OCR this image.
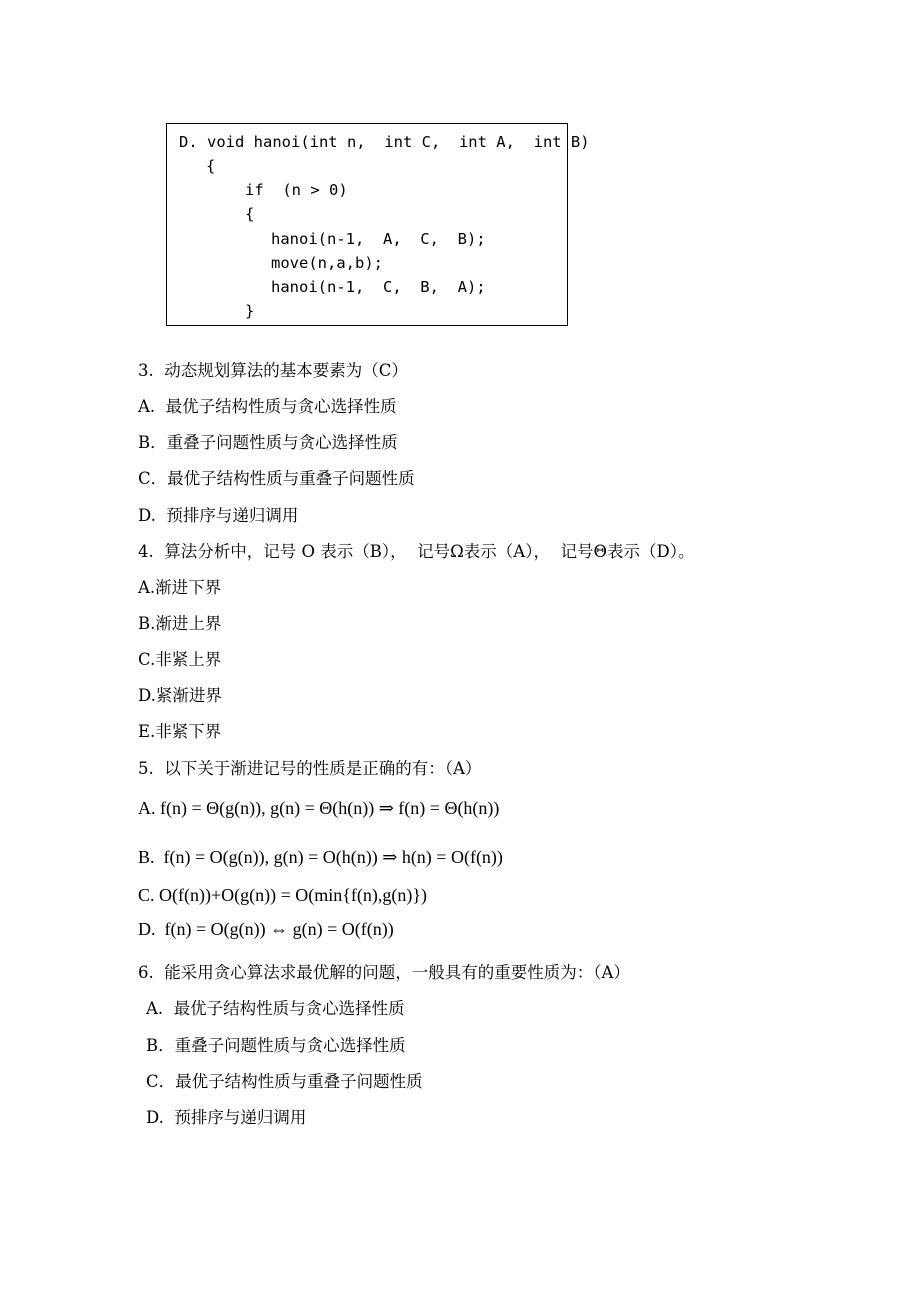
D. void hanoi(int n,  int C,  int A,  int B)
{
if  (n > 0)
{
hanoi(n-1,  A,  C,  B);
move(n,a,b);
hanoi(n-1,  C,  B,  A);
}
3.  动态规划算法的基本要素为（C）
A.  最优子结构性质与贪心选择性质
B．重叠子问题性质与贪心选择性质
C．最优子结构性质与重叠子问题性质
D.  预排序与递归调用
4.  算法分析中，记号 O 表示（B），  记号Ω表示（A），  记号Θ表示（D）。
A.渐进下界
B.渐进上界
C.非紧上界
D.紧渐进界
E.非紧下界
5.  以下关于渐进记号的性质是正确的有：（A）
A. f(n) = Θ(g(n)), g(n) = Θ(h(n)) ⇒ f(n) = Θ(h(n))
B.  f(n) = O(g(n)), g(n) = O(h(n)) ⇒ h(n) = O(f(n))
C. O(f(n))+O(g(n)) = O(min{f(n),g(n)})
D.  f(n) = O(g(n)) ⇔ g(n) = O(f(n))
6.  能采用贪心算法求最优解的问题，一般具有的重要性质为：（A）
A.  最优子结构性质与贪心选择性质
B．重叠子问题性质与贪心选择性质
C．最优子结构性质与重叠子问题性质
D.  预排序与递归调用
